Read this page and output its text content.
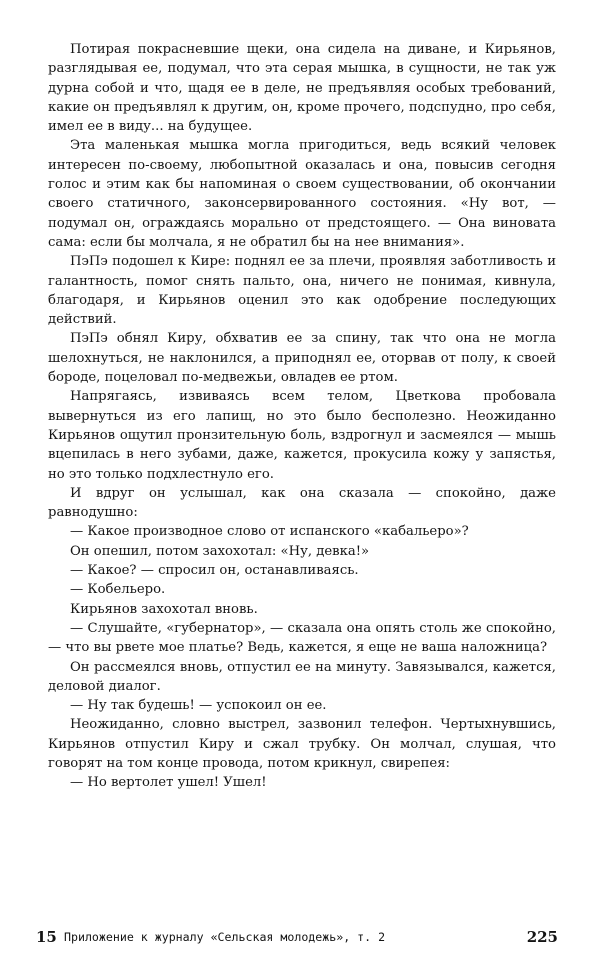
Потирая покрасневшие щеки, она сидела на диване, и Кирьянов, разглядывая ее, подумал, что эта серая мышка, в сущности, не так уж дурна собой и что, щадя ее в деле, не предъявляя особых требований, какие он предъявлял к другим, он, кроме прочего, подспудно, про себя, имел ее в виду... на будущее.

Эта маленькая мышка могла пригодиться, ведь всякий человек интересен по-своему, любопытной оказалась и она, повысив сегодня голос и этим как бы напоминая о своем существовании, об окончании своего статичного, законсервированного состояния. «Ну вот, — подумал он, ограждаясь морально от предстоящего. — Она виновата сама: если бы молчала, я не обратил бы на нее внимания».

ПэПэ подошел к Кире: поднял ее за плечи, проявляя заботливость и галантность, помог снять пальто, она, ничего не понимая, кивнула, благодаря, и Кирьянов оценил это как одобрение последующих действий.

ПэПэ обнял Киру, обхватив ее за спину, так что она не могла шелохнуться, не наклонился, а приподнял ее, оторвав от полу, к своей бороде, поцеловал по-медвежьи, овладев ее ртом.

Напрягаясь, извиваясь всем телом, Цветкова пробовала вывернуться из его лапищ, но это было бесполезно. Неожиданно Кирьянов ощутил пронзительную боль, вздрогнул и засмеялся — мышь вцепилась в него зубами, даже, кажется, прокусила кожу у запястья, но это только подхлестнуло его.

И вдруг он услышал, как она сказала — спокойно, даже равнодушно:

— Какое производное слово от испанского «кабальеро»?

Он опешил, потом захохотал: «Ну, девка!»

— Какое? — спросил он, останавливаясь.

— Кобельеро.

Кирьянов захохотал вновь.

— Слушайте, «губернатор», — сказала она опять столь же спокойно, — что вы рвете мое платье? Ведь, кажется, я еще не ваша наложница?

Он рассмеялся вновь, отпустил ее на минуту. Завязывался, кажется, деловой диалог.

— Ну так будешь! — успокоил он ее.

Неожиданно, словно выстрел, зазвонил телефон. Чертыхнувшись, Кирьянов отпустил Киру и сжал трубку. Он молчал, слушая, что говорят на том конце провода, потом крикнул, свирепея:

— Но вертолет ушел! Ушел!

15 Приложение к журналу «Сельская молодежь», т. 2	225
